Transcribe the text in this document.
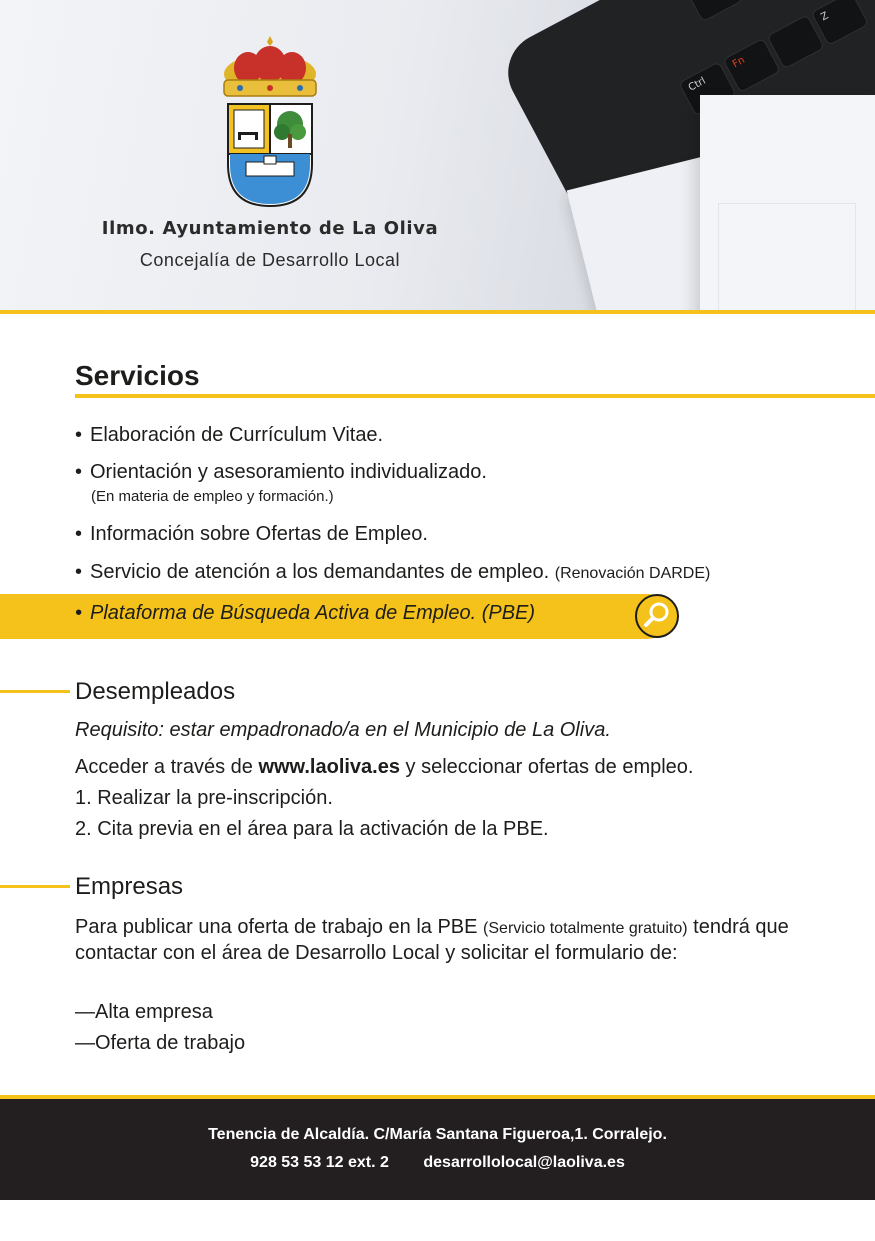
Ctrl
Fn
Z
Ilmo. Ayuntamiento de La Oliva
Concejalía de Desarrollo Local
Servicios
• Elaboración de Currículum Vitae.
• Orientación y asesoramiento individualizado.
(En materia de empleo y formación.)
• Información sobre Ofertas de Empleo.
• Servicio de atención a los demandantes de empleo. (Renovación DARDE)
• Plataforma de Búsqueda Activa de Empleo. (PBE)
Desempleados
Requisito: estar empadronado/a en el Municipio de La Oliva.
Acceder a través de www.laoliva.es y seleccionar ofertas de empleo.
1. Realizar la pre-inscripción.
2. Cita previa en el área para la activación de la PBE.
Empresas
Para publicar una oferta de trabajo en la PBE (Servicio totalmente gratuito) tendrá que contactar con el área de Desarrollo Local y solicitar el formulario de:
—Alta empresa
—Oferta de trabajo
Tenencia de Alcaldía. C/María Santana Figueroa,1. Corralejo.
928 53 53 12 ext. 2 desarrollolocal@laoliva.es
